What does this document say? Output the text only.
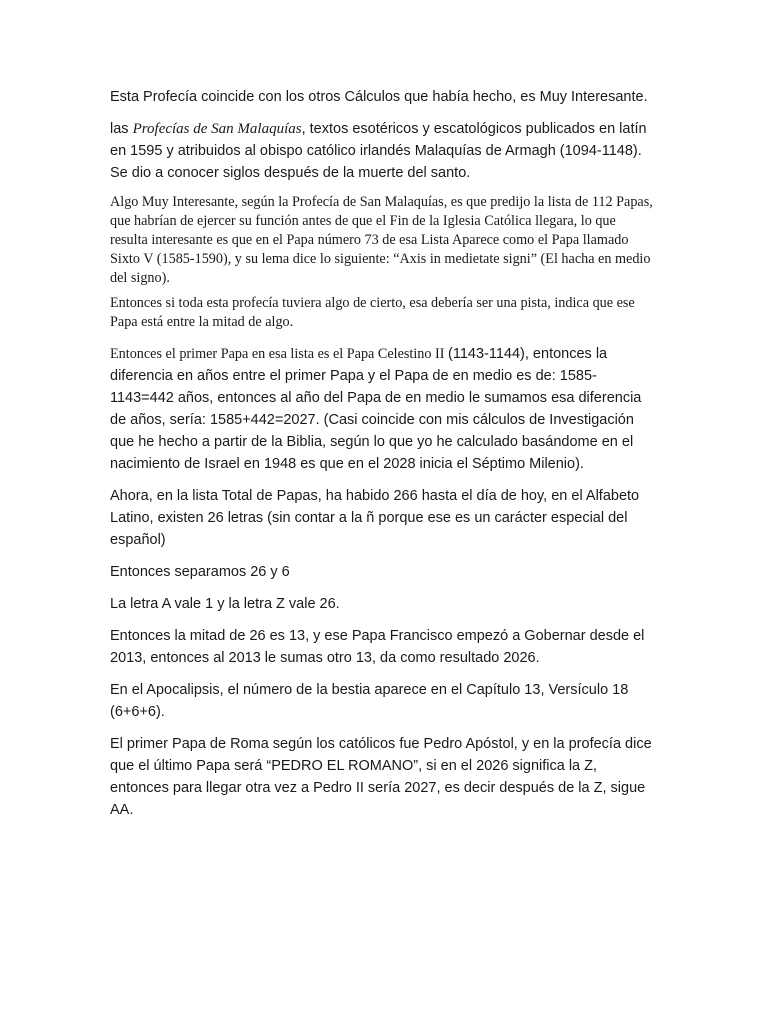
Esta Profecía coincide con los otros Cálculos que había hecho, es Muy Interesante.

las Profecías de San Malaquías, textos esotéricos y escatológicos publicados en latín en 1595 y atribuidos al obispo católico irlandés Malaquías de Armagh (1094-1148). Se dio a conocer siglos después de la muerte del santo.

Algo Muy Interesante, según la Profecía de San Malaquías, es que predijo la lista de 112 Papas, que habrían de ejercer su función antes de que el Fin de la Iglesia Católica llegara, lo que resulta interesante es que en el Papa número 73 de esa Lista Aparece como el Papa llamado Sixto V (1585-1590), y su lema dice lo siguiente: “Axis in medietate signi” (El hacha en medio del signo).

Entonces si toda esta profecía tuviera algo de cierto, esa debería ser una pista, indica que ese Papa está entre la mitad de algo.

Entonces el primer Papa en esa lista es el Papa Celestino II (1143-1144), entonces la diferencia en años entre el primer Papa y el Papa de en medio es de: 1585-1143=442 años, entonces al año del Papa de en medio le sumamos esa diferencia de años, sería: 1585+442=2027. (Casi coincide con mis cálculos de Investigación que he hecho a partir de la Biblia, según lo que yo he calculado basándome en el nacimiento de Israel en 1948 es que en el 2028 inicia el Séptimo Milenio).

Ahora, en la lista Total de Papas, ha habido 266 hasta el día de hoy, en el Alfabeto Latino, existen 26 letras (sin contar a la ñ porque ese es un carácter especial del español)

Entonces separamos 26 y 6

La letra A vale 1 y la letra Z vale 26.

Entonces la mitad de 26 es 13, y ese Papa Francisco empezó a Gobernar desde el 2013, entonces al 2013 le sumas otro 13, da como resultado 2026.

En el Apocalipsis, el número de la bestia aparece en el Capítulo 13, Versículo 18 (6+6+6).

El primer Papa de Roma según los católicos fue Pedro Apóstol, y en la profecía dice que el último Papa será “PEDRO EL ROMANO”, si en el 2026 significa la Z, entonces para llegar otra vez a Pedro II sería 2027, es decir después de la Z, sigue AA.
